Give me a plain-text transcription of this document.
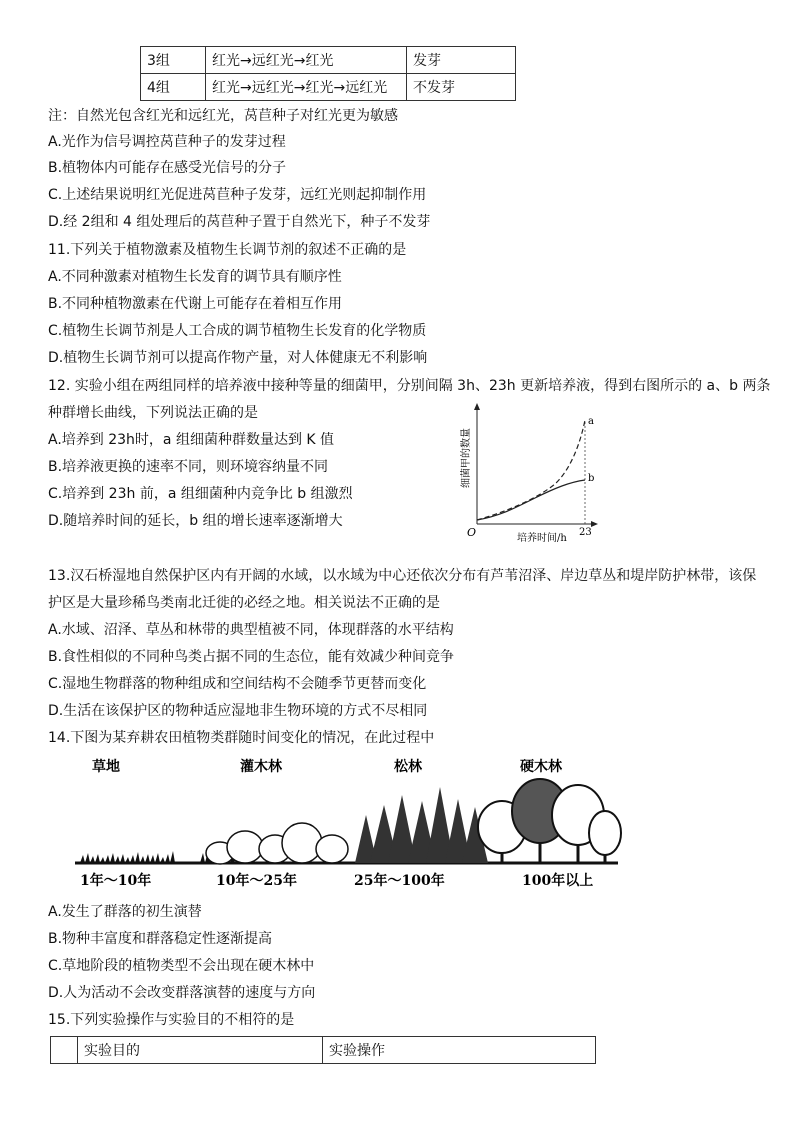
3组	红光→远红光→红光	发芽
4组	红光→远红光→红光→远红光	不发芽
注：自然光包含红光和远红光，莴苣种子对红光更为敏感
A.光作为信号调控莴苣种子的发芽过程
B.植物体内可能存在感受光信号的分子
C.上述结果说明红光促进莴苣种子发芽，远红光则起抑制作用
D.经 2组和 4 组处理后的莴苣种子置于自然光下，种子不发芽
11.下列关于植物激素及植物生长调节剂的叙述不正确的是
A.不同种激素对植物生长发育的调节具有顺序性
B.不同种植物激素在代谢上可能存在着相互作用
C.植物生长调节剂是人工合成的调节植物生长发育的化学物质
D.植物生长调节剂可以提高作物产量，对人体健康无不利影响
12. 实验小组在两组同样的培养液中接种等量的细菌甲，分别间隔 3h、23h 更新培养液，得到右图所示的 a、b 两条
种群增长曲线，下列说法正确的是
A.培养到 23h时，a 组细菌种群数量达到 K 值
B.培养液更换的速率不同，则环境容纳量不同
C.培养到 23h 前，a 组细菌种内竞争比 b 组激烈
D.随培养时间的延长，b 组的增长速率逐渐增大
a
b
O	23
培养时间/h
细菌甲的数量
13.汉石桥湿地自然保护区内有开阔的水域，以水域为中心还依次分布有芦苇沼泽、岸边草丛和堤岸防护林带，该保
护区是大量珍稀鸟类南北迁徙的必经之地。相关说法不正确的是
A.水域、沼泽、草丛和林带的典型植被不同，体现群落的水平结构
B.食性相似的不同种鸟类占据不同的生态位，能有效减少种间竞争
C.湿地生物群落的物种组成和空间结构不会随季节更替而变化
D.生活在该保护区的物种适应湿地非生物环境的方式不尽相同
14.下图为某弃耕农田植物类群随时间变化的情况，在此过程中
草地	灌木林	松林	硬木林
1年～10年	10年～25年	25年～100年	100年以上
A.发生了群落的初生演替
B.物种丰富度和群落稳定性逐渐提高
C.草地阶段的植物类型不会出现在硬木林中
D.人为活动不会改变群落演替的速度与方向
15.下列实验操作与实验目的不相符的是
	实验目的	实验操作
